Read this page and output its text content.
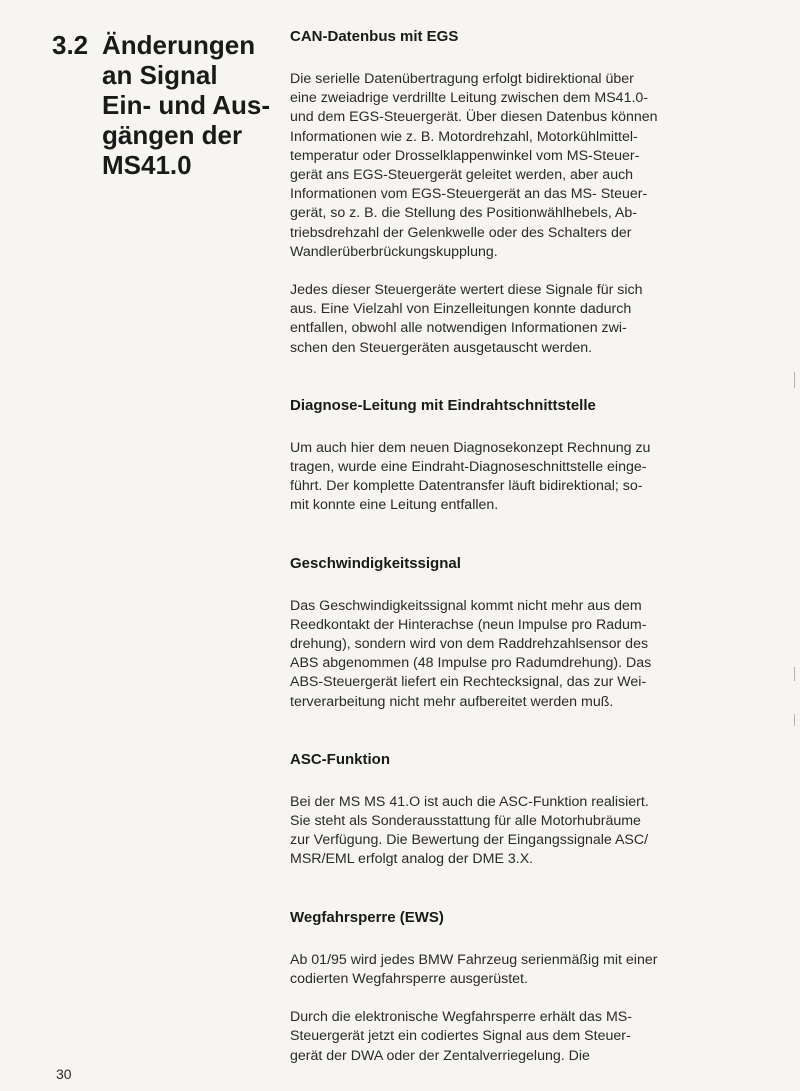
3.2 Änderungen
an Signal
Ein- und Aus-
gängen der
MS41.0
CAN-Datenbus mit EGS

Die serielle Datenübertragung erfolgt bidirektional über
eine zweiadrige verdrillte Leitung zwischen dem MS41.0-
und dem EGS-Steuergerät. Über diesen Datenbus können
Informationen wie z. B. Motordrehzahl, Motorkühlmittel-
temperatur oder Drosselklappenwinkel vom MS-Steuer-
gerät ans EGS-Steuergerät geleitet werden, aber auch
Informationen vom EGS-Steuergerät an das MS- Steuer-
gerät, so z. B. die Stellung des Positionwählhebels, Ab-
triebsdrehzahl der Gelenkwelle oder des Schalters der
Wandlerüberbrückungskupplung.

Jedes dieser Steuergeräte wertert diese Signale für sich
aus. Eine Vielzahl von Einzelleitungen konnte dadurch
entfallen, obwohl alle notwendigen Informationen zwi-
schen den Steuergeräten ausgetauscht werden.

Diagnose-Leitung mit Eindrahtschnittstelle

Um auch hier dem neuen Diagnosekonzept Rechnung zu
tragen, wurde eine Eindraht-Diagnoseschnittstelle einge-
führt. Der komplette Datentransfer läuft bidirektional; so-
mit konnte eine Leitung entfallen.

Geschwindigkeitssignal

Das Geschwindigkeitssignal kommt nicht mehr aus dem
Reedkontakt der Hinterachse (neun Impulse pro Radum-
drehung), sondern wird von dem Raddrehzahlsensor des
ABS abgenommen (48 Impulse pro Radumdrehung). Das
ABS-Steuergerät liefert ein Rechtecksignal, das zur Wei-
terverarbeitung nicht mehr aufbereitet werden muß.

ASC-Funktion

Bei der MS MS 41.O ist auch die ASC-Funktion realisiert.
Sie steht als Sonderausstattung für alle Motorhubräume
zur Verfügung. Die Bewertung der Eingangssignale ASC/
MSR/EML erfolgt analog der DME 3.X.

Wegfahrsperre (EWS)

Ab 01/95 wird jedes BMW Fahrzeug serienmäßig mit einer
codierten Wegfahrsperre ausgerüstet.

Durch die elektronische Wegfahrsperre erhält das MS-
Steuergerät jetzt ein codiertes Signal aus dem Steuer-
gerät der DWA oder der Zentalverriegelung. Die

30
